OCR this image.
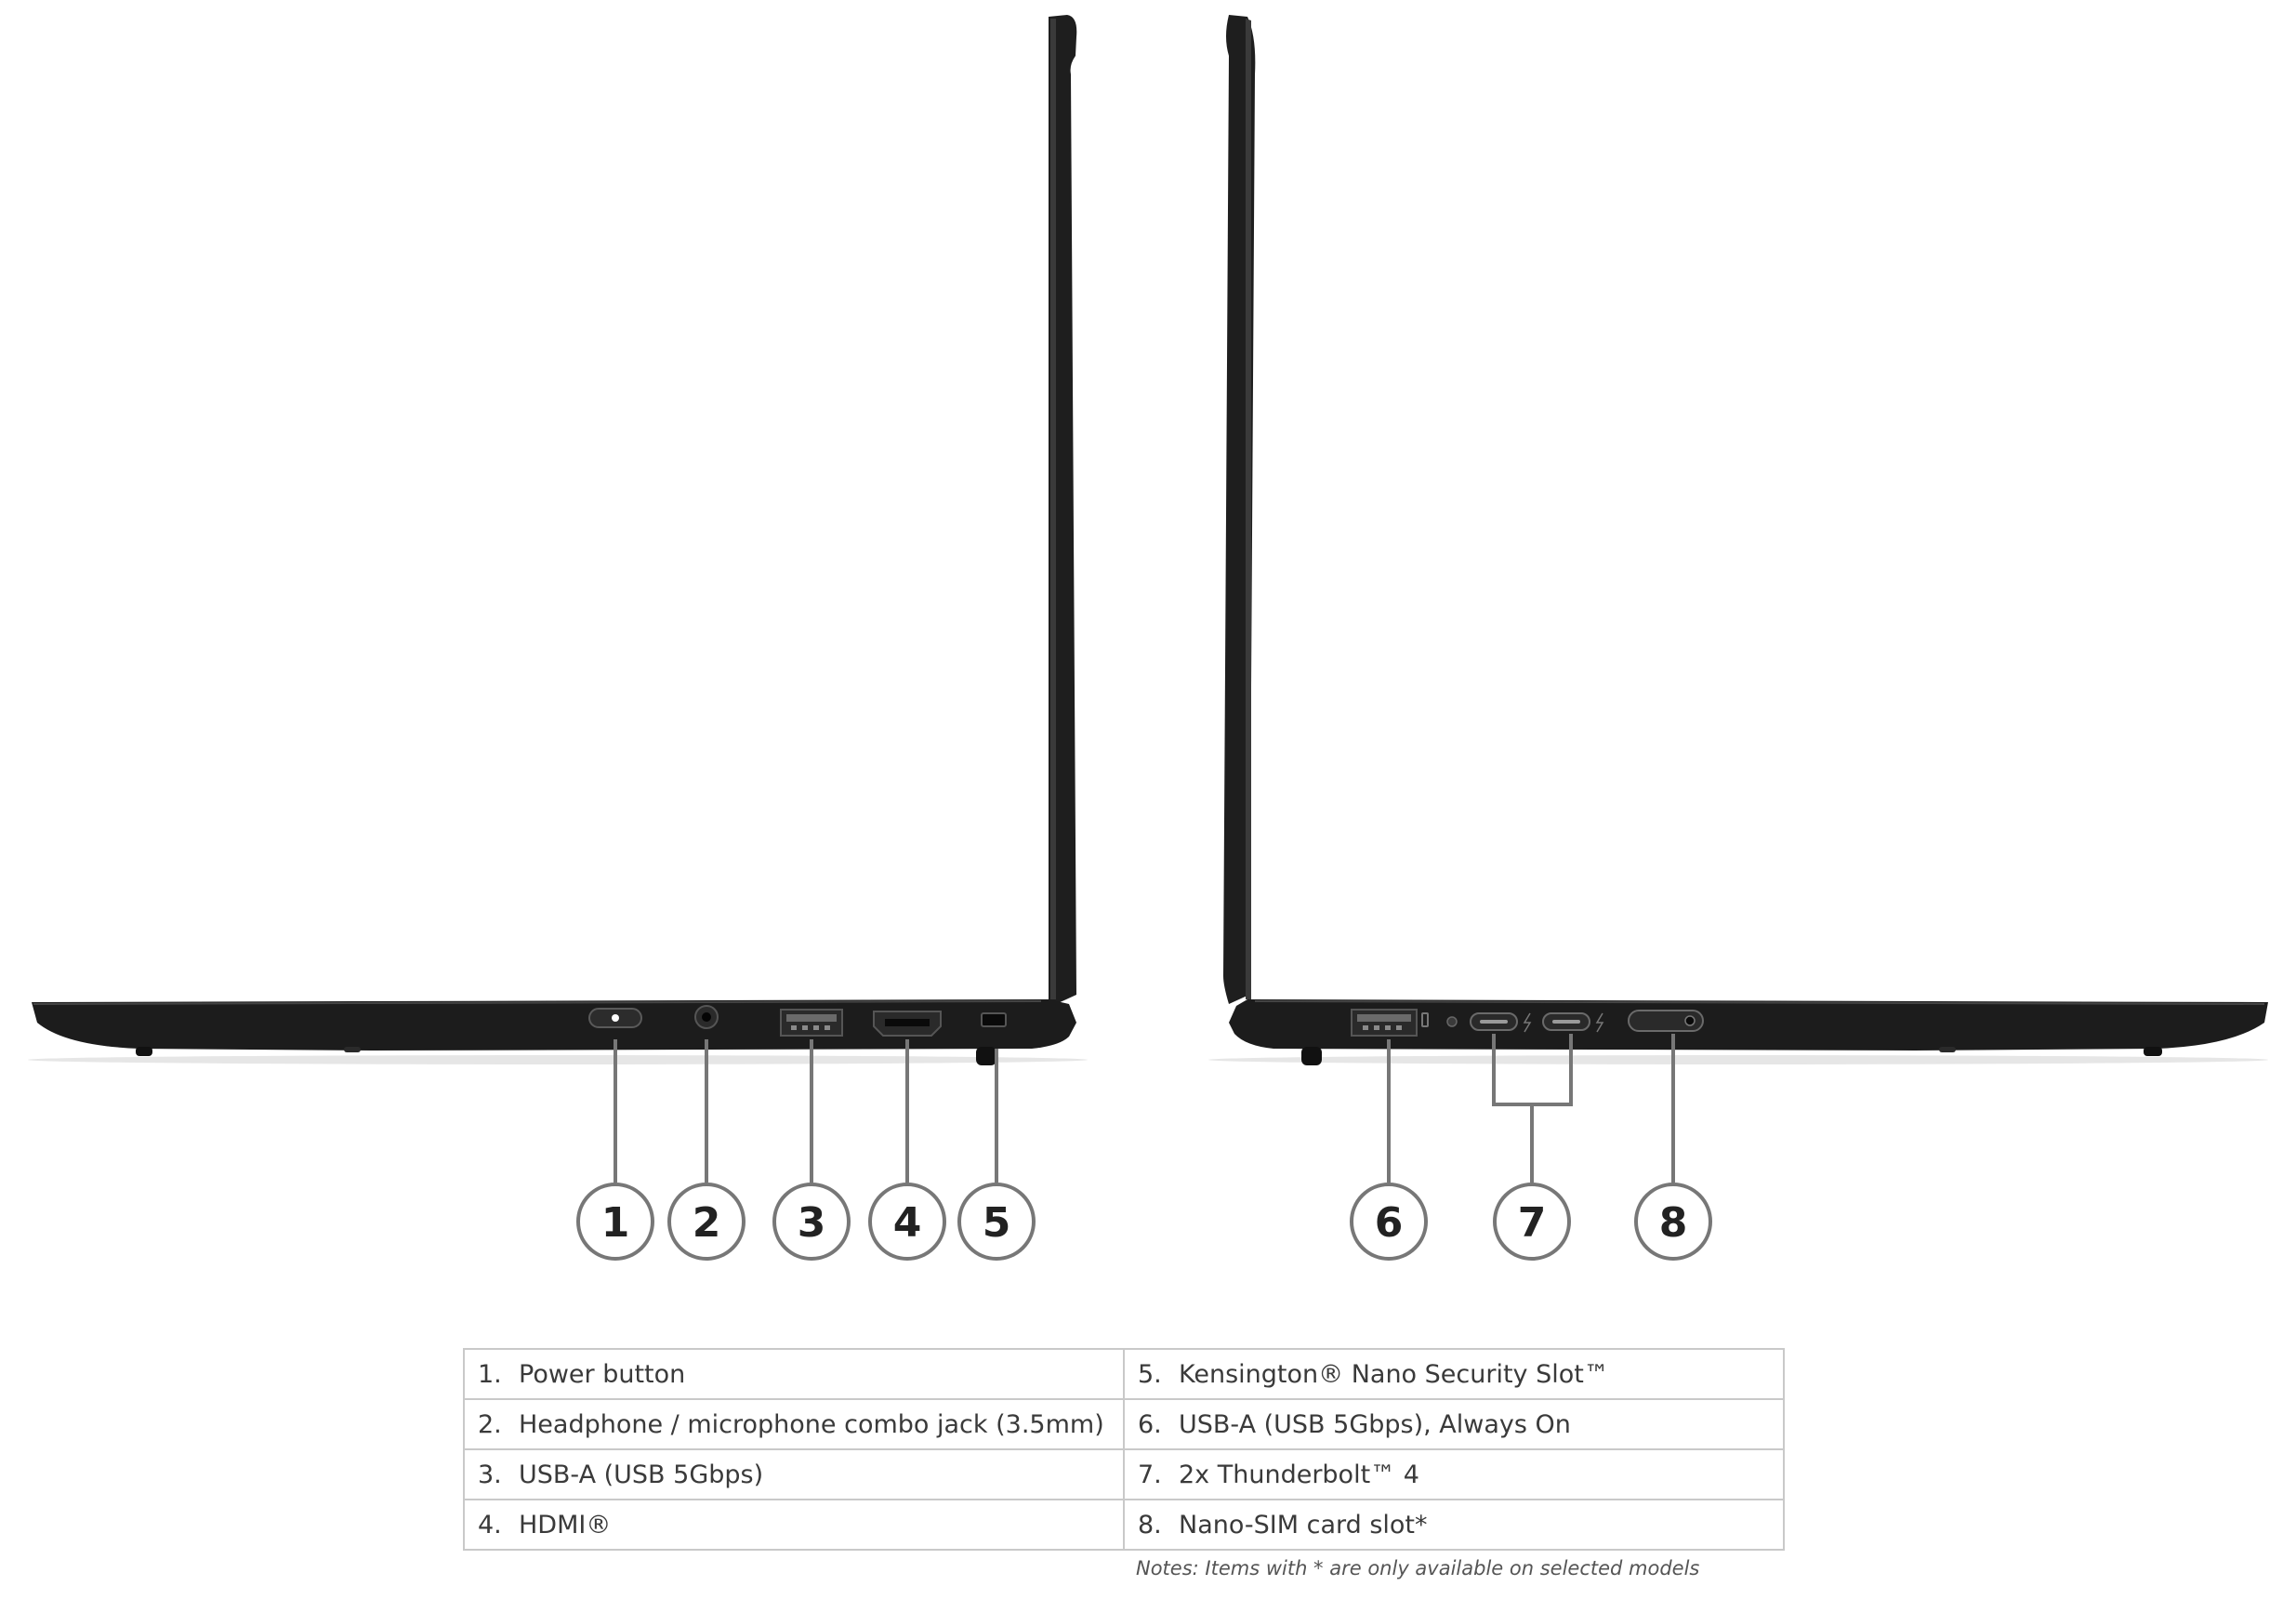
1 2 3 4 5	6	7	8
1. Power button	5. Kensington® Nano Security Slot™
2. Headphone / microphone combo jack (3.5mm)	6. USB-A (USB 5Gbps), Always On
3. USB-A (USB 5Gbps)	7. 2x Thunderbolt™ 4
4. HDMI®	8. Nano-SIM card slot*
Notes: Items with * are only available on selected models
